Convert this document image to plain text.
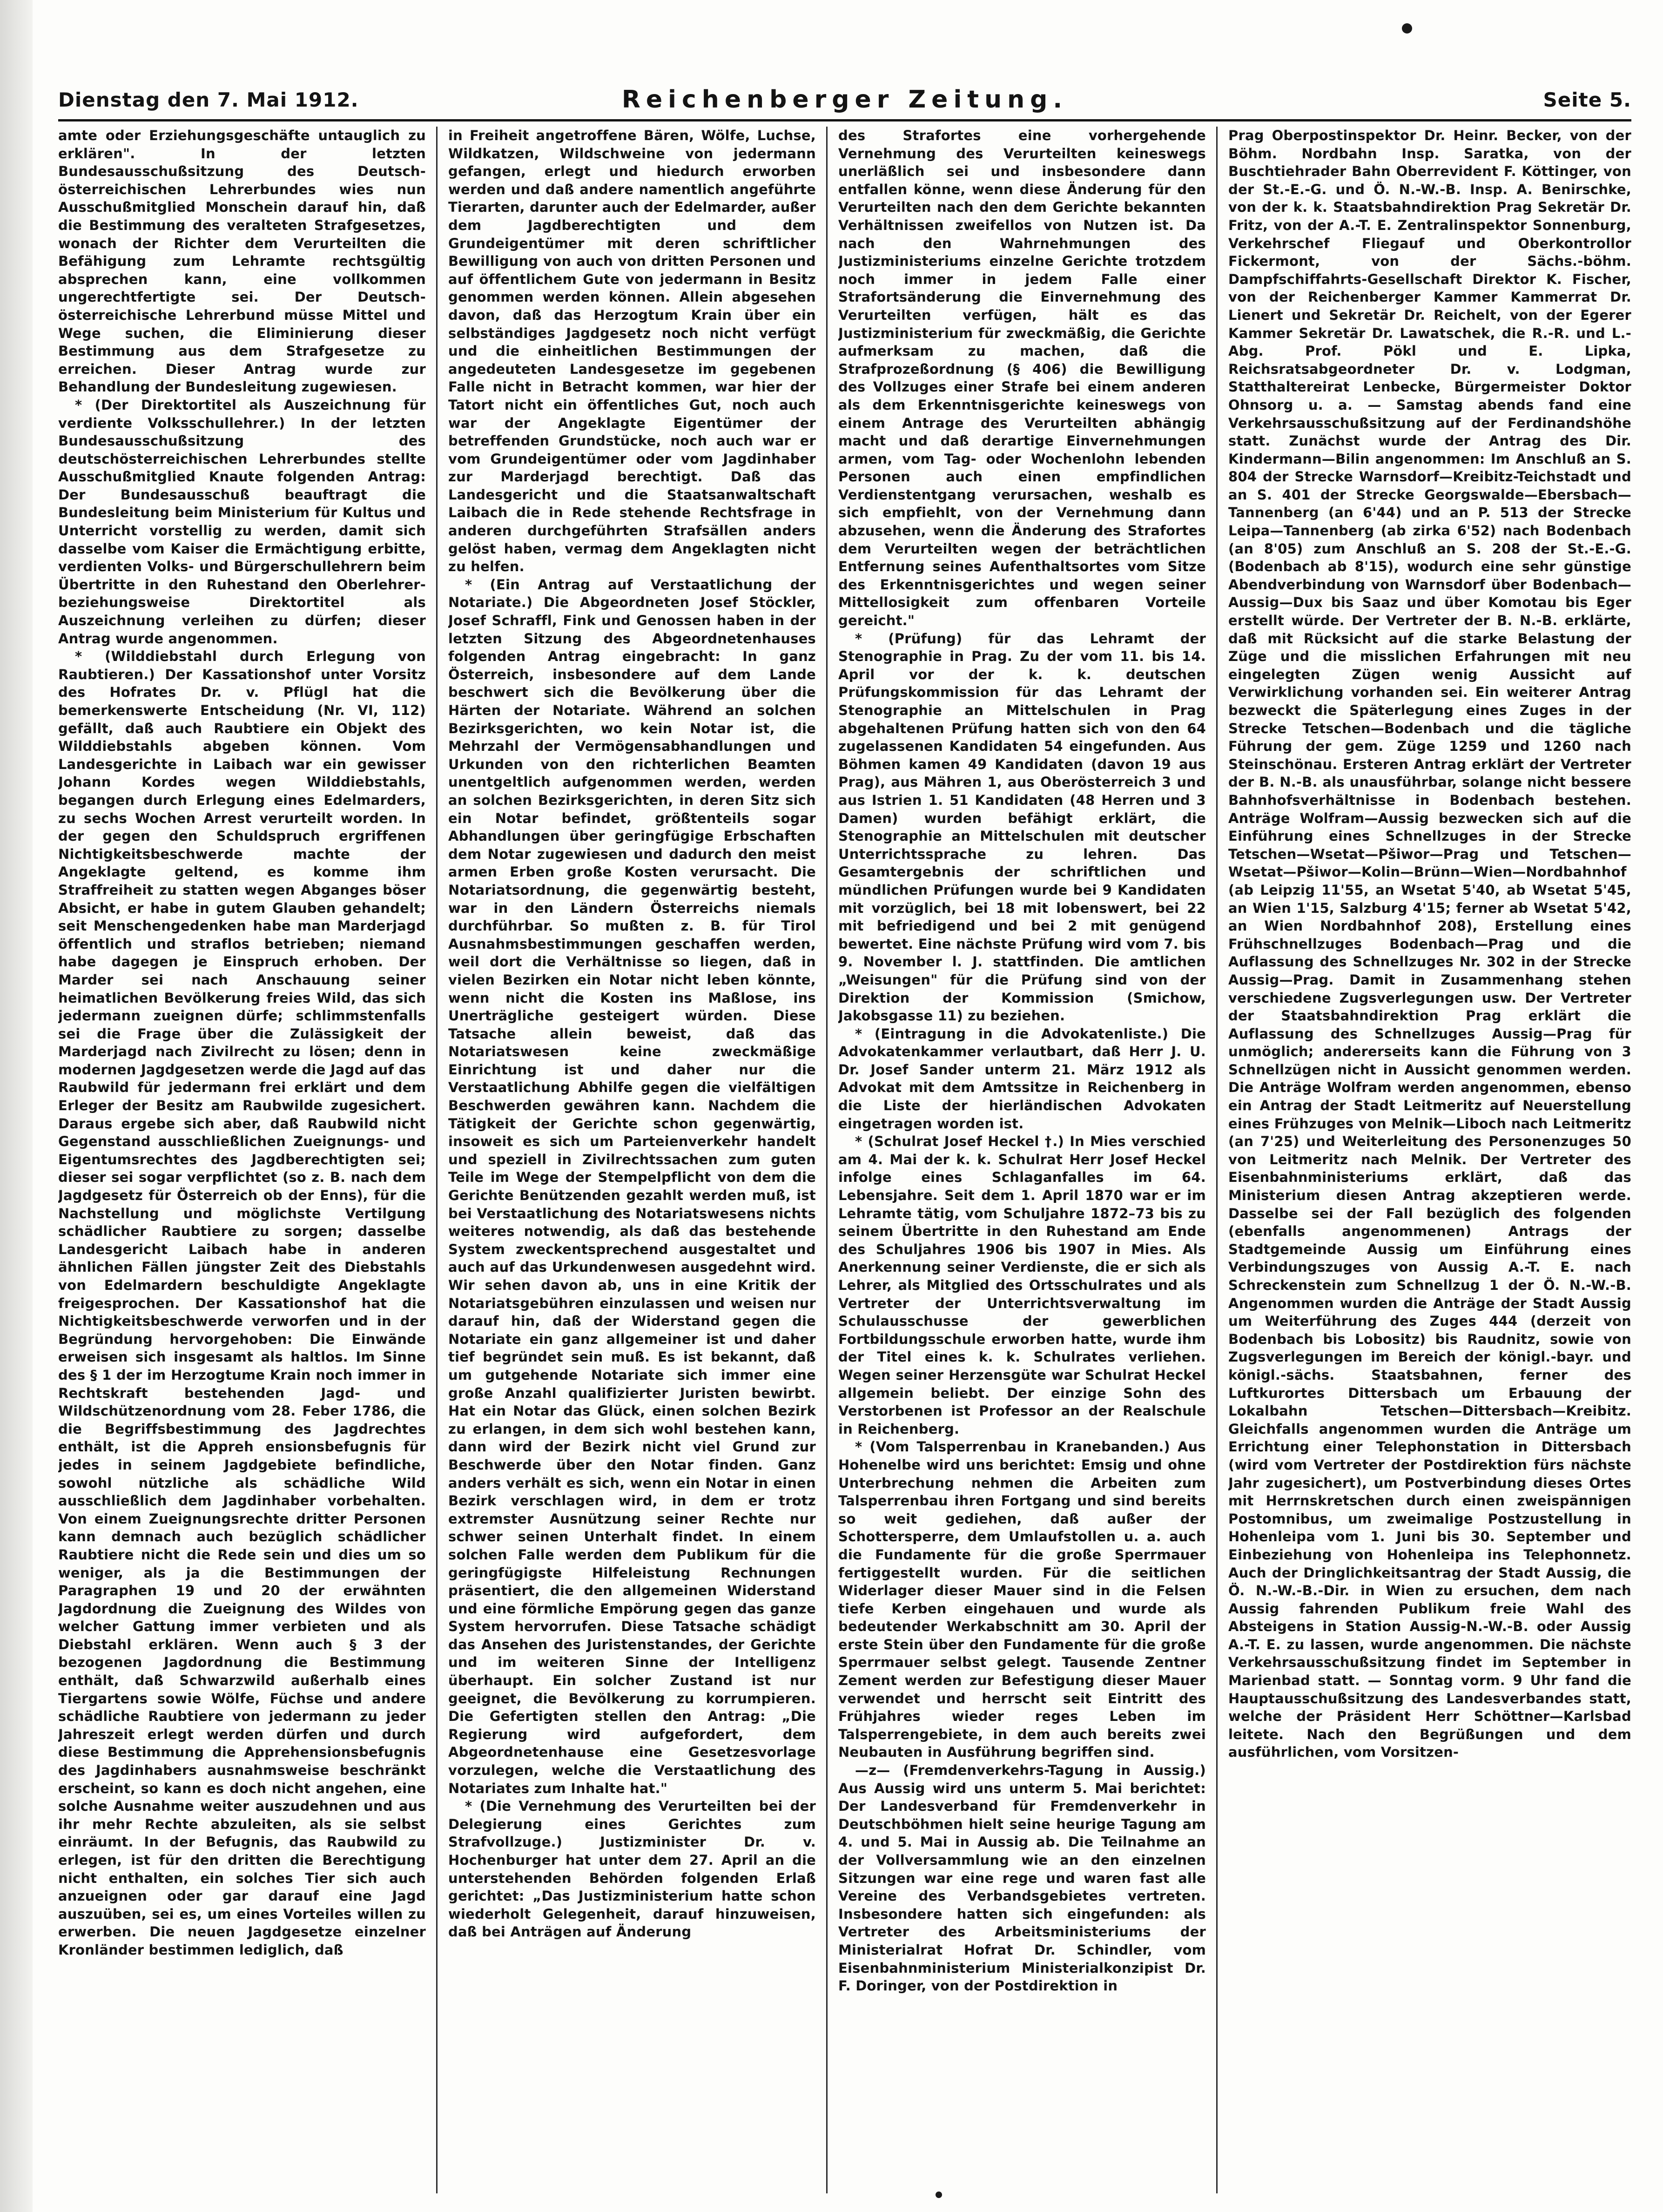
Dienstag den 7. Mai 1912.	Reichenberger Zeitung.	Seite 5.

amte oder Erziehungsgeschäfte untauglich zu erklären". In der letzten Bundesausschußsitzung des Deutsch-österreichischen Lehrerbundes wies nun Ausschußmitglied Monschein darauf hin, daß die Bestimmung des veralteten Strafgesetzes, wonach der Richter dem Verurteilten die Befähigung zum Lehramte rechtsgültig absprechen kann, eine vollkommen ungerechtfertigte sei. Der Deutsch-österreichische Lehrerbund müsse Mittel und Wege suchen, die Eliminierung dieser Bestimmung aus dem Strafgesetze zu erreichen. Dieser Antrag wurde zur Behandlung der Bundesleitung zugewiesen.

* (Der Direktortitel als Auszeichnung für verdiente Volksschullehrer.) In der letzten Bundesausschußsitzung des deutschösterreichischen Lehrerbundes stellte Ausschußmitglied Knaute folgenden Antrag: Der Bundesausschuß beauftragt die Bundesleitung beim Ministerium für Kultus und Unterricht vorstellig zu werden, damit sich dasselbe vom Kaiser die Ermächtigung erbitte, verdienten Volks- und Bürgerschullehrern beim Übertritte in den Ruhestand den Oberlehrer- beziehungsweise Direktortitel als Auszeichnung verleihen zu dürfen; dieser Antrag wurde angenommen.

* (Wilddiebstahl durch Erlegung von Raubtieren.) Der Kassationshof unter Vorsitz des Hofrates Dr. v. Pflügl hat die bemerkenswerte Entscheidung (Nr. VI, 112) gefällt, daß auch Raubtiere ein Objekt des Wilddiebstahls abgeben können. Vom Landesgerichte in Laibach war ein gewisser Johann Kordes wegen Wilddiebstahls, begangen durch Erlegung eines Edelmarders, zu sechs Wochen Arrest verurteilt worden. In der gegen den Schuldspruch ergriffenen Nichtigkeitsbeschwerde machte der Angeklagte geltend, es komme ihm Straffreiheit zu statten wegen Abganges böser Absicht, er habe in gutem Glauben gehandelt; seit Menschengedenken habe man Marderjagd öffentlich und straflos betrieben; niemand habe dagegen je Einspruch erhoben. Der Marder sei nach Anschauung seiner heimatlichen Bevölkerung freies Wild, das sich jedermann zueignen dürfe; schlimmstenfalls sei die Frage über die Zulässigkeit der Marderjagd nach Zivilrecht zu lösen; denn in modernen Jagdgesetzen werde die Jagd auf das Raubwild für jedermann frei erklärt und dem Erleger der Besitz am Raubwilde zugesichert. Daraus ergebe sich aber, daß Raubwild nicht Gegenstand ausschließlichen Zueignungs- und Eigentumsrechtes des Jagdberechtigten sei; dieser sei sogar verpflichtet (so z. B. nach dem Jagdgesetz für Österreich ob der Enns), für die Nachstellung und möglichste Vertilgung schädlicher Raubtiere zu sorgen; dasselbe Landesgericht Laibach habe in anderen ähnlichen Fällen jüngster Zeit des Diebstahls von Edelmardern beschuldigte Angeklagte freigesprochen. Der Kassationshof hat die Nichtigkeitsbeschwerde verworfen und in der Begründung hervorgehoben: Die Einwände erweisen sich insgesamt als haltlos. Im Sinne des § 1 der im Herzogtume Krain noch immer in Rechtskraft bestehenden Jagd- und Wildschützenordnung vom 28. Feber 1786, die die Begriffsbestimmung des Jagdrechtes enthält, ist die Appreh ensionsbefugnis für jedes in seinem Jagdgebiete befindliche, sowohl nützliche als schädliche Wild ausschließlich dem Jagdinhaber vorbehalten. Von einem Zueignungsrechte dritter Personen kann demnach auch bezüglich schädlicher Raubtiere nicht die Rede sein und dies um so weniger, als ja die Bestimmungen der Paragraphen 19 und 20 der erwähnten Jagdordnung die Zueignung des Wildes von welcher Gattung immer verbieten und als Diebstahl erklären. Wenn auch § 3 der bezogenen Jagdordnung die Bestimmung enthält, daß Schwarzwild außerhalb eines Tiergartens sowie Wölfe, Füchse und andere schädliche Raubtiere von jedermann zu jeder Jahreszeit erlegt werden dürfen und durch diese Bestimmung die Apprehensionsbefugnis des Jagdinhabers ausnahmsweise beschränkt erscheint, so kann es doch nicht angehen, eine solche Ausnahme weiter auszudehnen und aus ihr mehr Rechte abzuleiten, als sie selbst einräumt. In der Befugnis, das Raubwild zu erlegen, ist für den dritten die Berechtigung nicht enthalten, ein solches Tier sich auch anzueignen oder gar darauf eine Jagd auszuüben, sei es, um eines Vorteiles willen zu erwerben. Die neuen Jagdgesetze einzelner Kronländer bestimmen lediglich, daß

in Freiheit angetroffene Bären, Wölfe, Luchse, Wildkatzen, Wildschweine von jedermann gefangen, erlegt und hiedurch erworben werden und daß andere namentlich angeführte Tierarten, darunter auch der Edelmarder, außer dem Jagdberechtigten und dem Grundeigentümer mit deren schriftlicher Bewilligung von auch von dritten Personen und auf öffentlichem Gute von jedermann in Besitz genommen werden können. Allein abgesehen davon, daß das Herzogtum Krain über ein selbständiges Jagdgesetz noch nicht verfügt und die einheitlichen Bestimmungen der angedeuteten Landesgesetze im gegebenen Falle nicht in Betracht kommen, war hier der Tatort nicht ein öffentliches Gut, noch auch war der Angeklagte Eigentümer der betreffenden Grundstücke, noch auch war er vom Grundeigentümer oder vom Jagdinhaber zur Marderjagd berechtigt. Daß das Landesgericht und die Staatsanwaltschaft Laibach die in Rede stehende Rechtsfrage in anderen durchgeführten Strafsällen anders gelöst haben, vermag dem Angeklagten nicht zu helfen.

* (Ein Antrag auf Verstaatlichung der Notariate.) Die Abgeordneten Josef Stöckler, Josef Schraffl, Fink und Genossen haben in der letzten Sitzung des Abgeordnetenhauses folgenden Antrag eingebracht: In ganz Österreich, insbesondere auf dem Lande beschwert sich die Bevölkerung über die Härten der Notariate. Während an solchen Bezirksgerichten, wo kein Notar ist, die Mehrzahl der Vermögensabhandlungen und Urkunden von den richterlichen Beamten unentgeltlich aufgenommen werden, werden an solchen Bezirksgerichten, in deren Sitz sich ein Notar befindet, größtenteils sogar Abhandlungen über geringfügige Erbschaften dem Notar zugewiesen und dadurch den meist armen Erben große Kosten verursacht. Die Notariatsordnung, die gegenwärtig besteht, war in den Ländern Österreichs niemals durchführbar. So mußten z. B. für Tirol Ausnahmsbestimmungen geschaffen werden, weil dort die Verhältnisse so liegen, daß in vielen Bezirken ein Notar nicht leben könnte, wenn nicht die Kosten ins Maßlose, ins Unerträgliche gesteigert würden. Diese Tatsache allein beweist, daß das Notariatswesen keine zweckmäßige Einrichtung ist und daher nur die Verstaatlichung Abhilfe gegen die vielfältigen Beschwerden gewähren kann. Nachdem die Tätigkeit der Gerichte schon gegenwärtig, insoweit es sich um Parteienverkehr handelt und speziell in Zivilrechtssachen zum guten Teile im Wege der Stempelpflicht von dem die Gerichte Benützenden gezahlt werden muß, ist bei Verstaatlichung des Notariatswesens nichts weiteres notwendig, als daß das bestehende System zweckentsprechend ausgestaltet und auch auf das Urkundenwesen ausgedehnt wird. Wir sehen davon ab, uns in eine Kritik der Notariatsgebühren einzulassen und weisen nur darauf hin, daß der Widerstand gegen die Notariate ein ganz allgemeiner ist und daher tief begründet sein muß. Es ist bekannt, daß um gutgehende Notariate sich immer eine große Anzahl qualifizierter Juristen bewirbt. Hat ein Notar das Glück, einen solchen Bezirk zu erlangen, in dem sich wohl bestehen kann, dann wird der Bezirk nicht viel Grund zur Beschwerde über den Notar finden. Ganz anders verhält es sich, wenn ein Notar in einen Bezirk verschlagen wird, in dem er trotz extremster Ausnützung seiner Rechte nur schwer seinen Unterhalt findet. In einem solchen Falle werden dem Publikum für die geringfügigste Hilfeleistung Rechnungen präsentiert, die den allgemeinen Widerstand und eine förmliche Empörung gegen das ganze System hervorrufen. Diese Tatsache schädigt das Ansehen des Juristenstandes, der Gerichte und im weiteren Sinne der Intelligenz überhaupt. Ein solcher Zustand ist nur geeignet, die Bevölkerung zu korrumpieren. Die Gefertigten stellen den Antrag: „Die Regierung wird aufgefordert, dem Abgeordnetenhause eine Gesetzesvorlage vorzulegen, welche die Verstaatlichung des Notariates zum Inhalte hat."

* (Die Vernehmung des Verurteilten bei der Delegierung eines Gerichtes zum Strafvollzuge.) Justizminister Dr. v. Hochenburger hat unter dem 27. April an die unterstehenden Behörden folgenden Erlaß gerichtet: „Das Justizministerium hatte schon wiederholt Gelegenheit, darauf hinzuweisen, daß bei Anträgen auf Änderung

des Strafortes eine vorhergehende Vernehmung des Verurteilten keineswegs unerläßlich sei und insbesondere dann entfallen könne, wenn diese Änderung für den Verurteilten nach den dem Gerichte bekannten Verhältnissen zweifellos von Nutzen ist. Da nach den Wahrnehmungen des Justizministeriums einzelne Gerichte trotzdem noch immer in jedem Falle einer Strafortsänderung die Einvernehmung des Verurteilten verfügen, hält es das Justizministerium für zweckmäßig, die Gerichte aufmerksam zu machen, daß die Strafprozeßordnung (§ 406) die Bewilligung des Vollzuges einer Strafe bei einem anderen als dem Erkenntnisgerichte keineswegs von einem Antrage des Verurteilten abhängig macht und daß derartige Einvernehmungen armen, vom Tag- oder Wochenlohn lebenden Personen auch einen empfindlichen Verdienstentgang verursachen, weshalb es sich empfiehlt, von der Vernehmung dann abzusehen, wenn die Änderung des Strafortes dem Verurteilten wegen der beträchtlichen Entfernung seines Aufenthaltsortes vom Sitze des Erkenntnisgerichtes und wegen seiner Mittellosigkeit zum offenbaren Vorteile gereicht."

* (Prüfung) für das Lehramt der Stenographie in Prag. Zu der vom 11. bis 14. April vor der k. k. deutschen Prüfungskommission für das Lehramt der Stenographie an Mittelschulen in Prag abgehaltenen Prüfung hatten sich von den 64 zugelassenen Kandidaten 54 eingefunden. Aus Böhmen kamen 49 Kandidaten (davon 19 aus Prag), aus Mähren 1, aus Oberösterreich 3 und aus Istrien 1. 51 Kandidaten (48 Herren und 3 Damen) wurden befähigt erklärt, die Stenographie an Mittelschulen mit deutscher Unterrichtssprache zu lehren. Das Gesamtergebnis der schriftlichen und mündlichen Prüfungen wurde bei 9 Kandidaten mit vorzüglich, bei 18 mit lobenswert, bei 22 mit befriedigend und bei 2 mit genügend bewertet. Eine nächste Prüfung wird vom 7. bis 9. November l. J. stattfinden. Die amtlichen „Weisungen" für die Prüfung sind von der Direktion der Kommission (Smichow, Jakobsgasse 11) zu beziehen.

* (Eintragung in die Advokatenliste.) Die Advokatenkammer verlautbart, daß Herr J. U. Dr. Josef Sander unterm 21. März 1912 als Advokat mit dem Amtssitze in Reichenberg in die Liste der hierländischen Advokaten eingetragen worden ist.

* (Schulrat Josef Heckel †.) In Mies verschied am 4. Mai der k. k. Schulrat Herr Josef Heckel infolge eines Schlaganfalles im 64. Lebensjahre. Seit dem 1. April 1870 war er im Lehramte tätig, vom Schuljahre 1872–73 bis zu seinem Übertritte in den Ruhestand am Ende des Schuljahres 1906 bis 1907 in Mies. Als Anerkennung seiner Verdienste, die er sich als Lehrer, als Mitglied des Ortsschulrates und als Vertreter der Unterrichtsverwaltung im Schulausschusse der gewerblichen Fortbildungsschule erworben hatte, wurde ihm der Titel eines k. k. Schulrates verliehen. Wegen seiner Herzensgüte war Schulrat Heckel allgemein beliebt. Der einzige Sohn des Verstorbenen ist Professor an der Realschule in Reichenberg.

* (Vom Talsperrenbau in Kranebanden.) Aus Hohenelbe wird uns berichtet: Emsig und ohne Unterbrechung nehmen die Arbeiten zum Talsperrenbau ihren Fortgang und sind bereits so weit gediehen, daß außer der Schottersperre, dem Umlaufstollen u. a. auch die Fundamente für die große Sperrmauer fertiggestellt wurden. Für die seitlichen Widerlager dieser Mauer sind in die Felsen tiefe Kerben eingehauen und wurde als bedeutender Werkabschnitt am 30. April der erste Stein über den Fundamente für die große Sperrmauer selbst gelegt. Tausende Zentner Zement werden zur Befestigung dieser Mauer verwendet und herrscht seit Eintritt des Frühjahres wieder reges Leben im Talsperrengebiete, in dem auch bereits zwei Neubauten in Ausführung begriffen sind.

—z— (Fremdenverkehrs-Tagung in Aussig.) Aus Aussig wird uns unterm 5. Mai berichtet: Der Landesverband für Fremdenverkehr in Deutschböhmen hielt seine heurige Tagung am 4. und 5. Mai in Aussig ab. Die Teilnahme an der Vollversammlung wie an den einzelnen Sitzungen war eine rege und waren fast alle Vereine des Verbandsgebietes vertreten. Insbesondere hatten sich eingefunden: als Vertreter des Arbeitsministeriums der Ministerialrat Hofrat Dr. Schindler, vom Eisenbahnministerium Ministerialkonzipist Dr. F. Doringer, von der Postdirektion in

Prag Oberpostinspektor Dr. Heinr. Becker, von der Böhm. Nordbahn Insp. Saratka, von der Buschtiehrader Bahn Oberrevident F. Köttinger, von der St.-E.-G. und Ö. N.-W.-B. Insp. A. Benirschke, von der k. k. Staatsbahndirektion Prag Sekretär Dr. Fritz, von der A.-T. E. Zentralinspektor Sonnenburg, Verkehrschef Fliegauf und Oberkontrollor Fickermont, von der Sächs.-böhm. Dampfschiffahrts-Gesellschaft Direktor K. Fischer, von der Reichenberger Kammer Kammerrat Dr. Lienert und Sekretär Dr. Reichelt, von der Egerer Kammer Sekretär Dr. Lawatschek, die R.-R. und L.-Abg. Prof. Pökl und E. Lipka, Reichsratsabgeordneter Dr. v. Lodgman, Statthaltereirat Lenbecke, Bürgermeister Doktor Ohnsorg u. a. — Samstag abends fand eine Verkehrsausschußsitzung auf der Ferdinandshöhe statt. Zunächst wurde der Antrag des Dir. Kindermann—Bilin angenommen: Im Anschluß an S. 804 der Strecke Warnsdorf—Kreibitz-Teichstadt und an S. 401 der Strecke Georgswalde—Ebersbach—Tannenberg (an 6'44) und an P. 513 der Strecke Leipa—Tannenberg (ab zirka 6'52) nach Bodenbach (an 8'05) zum Anschluß an S. 208 der St.-E.-G. (Bodenbach ab 8'15), wodurch eine sehr günstige Abendverbindung von Warnsdorf über Bodenbach—Aussig—Dux bis Saaz und über Komotau bis Eger erstellt würde. Der Vertreter der B. N.-B. erklärte, daß mit Rücksicht auf die starke Belastung der Züge und die misslichen Erfahrungen mit neu eingelegten Zügen wenig Aussicht auf Verwirklichung vorhanden sei. Ein weiterer Antrag bezweckt die Späterlegung eines Zuges in der Strecke Tetschen—Bodenbach und die tägliche Führung der gem. Züge 1259 und 1260 nach Steinschönau. Ersteren Antrag erklärt der Vertreter der B. N.-B. als unausführbar, solange nicht bessere Bahnhofsverhältnisse in Bodenbach bestehen. Anträge Wolfram—Aussig bezwecken sich auf die Einführung eines Schnellzuges in der Strecke Tetschen—Wsetat—Pšiwor—Prag und Tetschen—Wsetat—Pšiwor—Kolin—Brünn—Wien—Nordbahnhof (ab Leipzig 11'55, an Wsetat 5'40, ab Wsetat 5'45, an Wien 1'15, Salzburg 4'15; ferner ab Wsetat 5'42, an Wien Nordbahnhof 208), Erstellung eines Frühschnellzuges Bodenbach—Prag und die Auflassung des Schnellzuges Nr. 302 in der Strecke Aussig—Prag. Damit in Zusammenhang stehen verschiedene Zugsverlegungen usw. Der Vertreter der Staatsbahndirektion Prag erklärt die Auflassung des Schnellzuges Aussig—Prag für unmöglich; andererseits kann die Führung von 3 Schnellzügen nicht in Aussicht genommen werden. Die Anträge Wolfram werden angenommen, ebenso ein Antrag der Stadt Leitmeritz auf Neuerstellung eines Frühzuges von Melnik—Liboch nach Leitmeritz (an 7'25) und Weiterleitung des Personenzuges 50 von Leitmeritz nach Melnik. Der Vertreter des Eisenbahnministeriums erklärt, daß das Ministerium diesen Antrag akzeptieren werde. Dasselbe sei der Fall bezüglich des folgenden (ebenfalls angenommenen) Antrags der Stadtgemeinde Aussig um Einführung eines Verbindungszuges von Aussig A.-T. E. nach Schreckenstein zum Schnellzug 1 der Ö. N.-W.-B. Angenommen wurden die Anträge der Stadt Aussig um Weiterführung des Zuges 444 (derzeit von Bodenbach bis Lobositz) bis Raudnitz, sowie von Zugsverlegungen im Bereich der königl.-bayr. und königl.-sächs. Staatsbahnen, ferner des Luftkurortes Dittersbach um Erbauung der Lokalbahn Tetschen—Dittersbach—Kreibitz. Gleichfalls angenommen wurden die Anträge um Errichtung einer Telephonstation in Dittersbach (wird vom Vertreter der Postdirektion fürs nächste Jahr zugesichert), um Postverbindung dieses Ortes mit Herrnskretschen durch einen zweispännigen Postomnibus, um zweimalige Postzustellung in Hohenleipa vom 1. Juni bis 30. September und Einbeziehung von Hohenleipa ins Telephonnetz. Auch der Dringlichkeitsantrag der Stadt Aussig, die Ö. N.-W.-B.-Dir. in Wien zu ersuchen, dem nach Aussig fahrenden Publikum freie Wahl des Absteigens in Station Aussig-N.-W.-B. oder Aussig A.-T. E. zu lassen, wurde angenommen. Die nächste Verkehrsausschußsitzung findet im September in Marienbad statt. — Sonntag vorm. 9 Uhr fand die Hauptausschußsitzung des Landesverbandes statt, welche der Präsident Herr Schöttner—Karlsbad leitete. Nach den Begrüßungen und dem ausführlichen, vom Vorsitzen-
